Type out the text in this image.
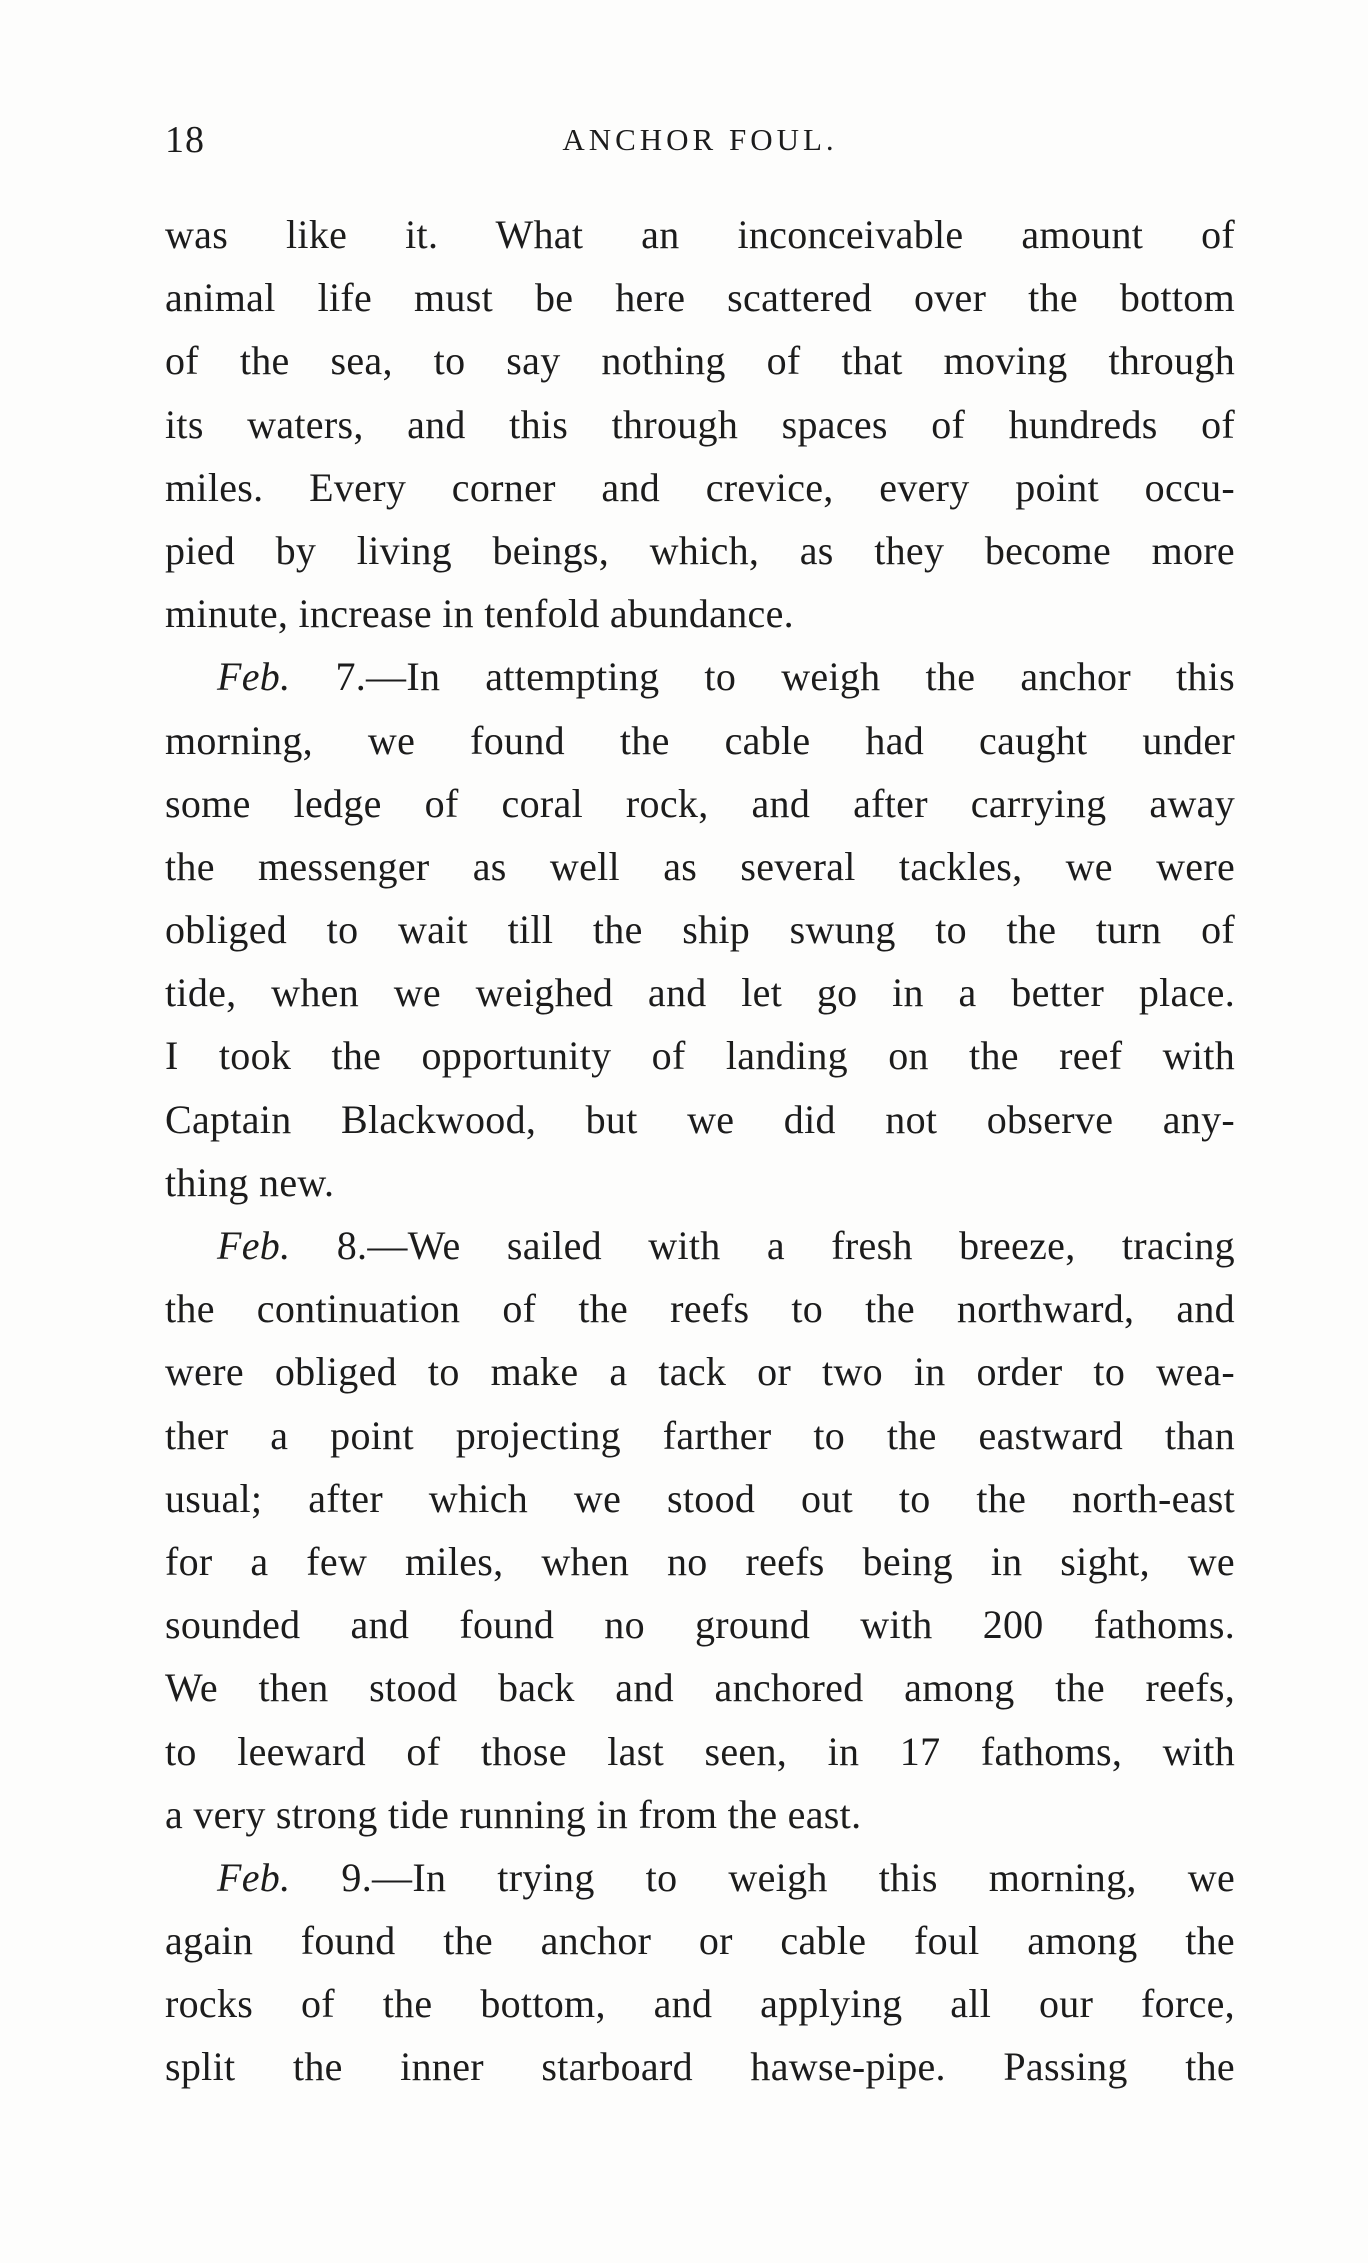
18	ANCHOR FOUL.
was like it. What an inconceivable amount of
animal life must be here scattered over the bottom
of the sea, to say nothing of that moving through
its waters, and this through spaces of hundreds of
miles. Every corner and crevice, every point occu-
pied by living beings, which, as they become more
minute, increase in tenfold abundance.
Feb. 7.—In attempting to weigh the anchor this
morning, we found the cable had caught under
some ledge of coral rock, and after carrying away
the messenger as well as several tackles, we were
obliged to wait till the ship swung to the turn of
tide, when we weighed and let go in a better place.
I took the opportunity of landing on the reef with
Captain Blackwood, but we did not observe any-
thing new.
Feb. 8.—We sailed with a fresh breeze, tracing
the continuation of the reefs to the northward, and
were obliged to make a tack or two in order to wea-
ther a point projecting farther to the eastward than
usual; after which we stood out to the north-east
for a few miles, when no reefs being in sight, we
sounded and found no ground with 200 fathoms.
We then stood back and anchored among the reefs,
to leeward of those last seen, in 17 fathoms, with
a very strong tide running in from the east.
Feb. 9.—In trying to weigh this morning, we
again found the anchor or cable foul among the
rocks of the bottom, and applying all our force,
split the inner starboard hawse-pipe. Passing the
